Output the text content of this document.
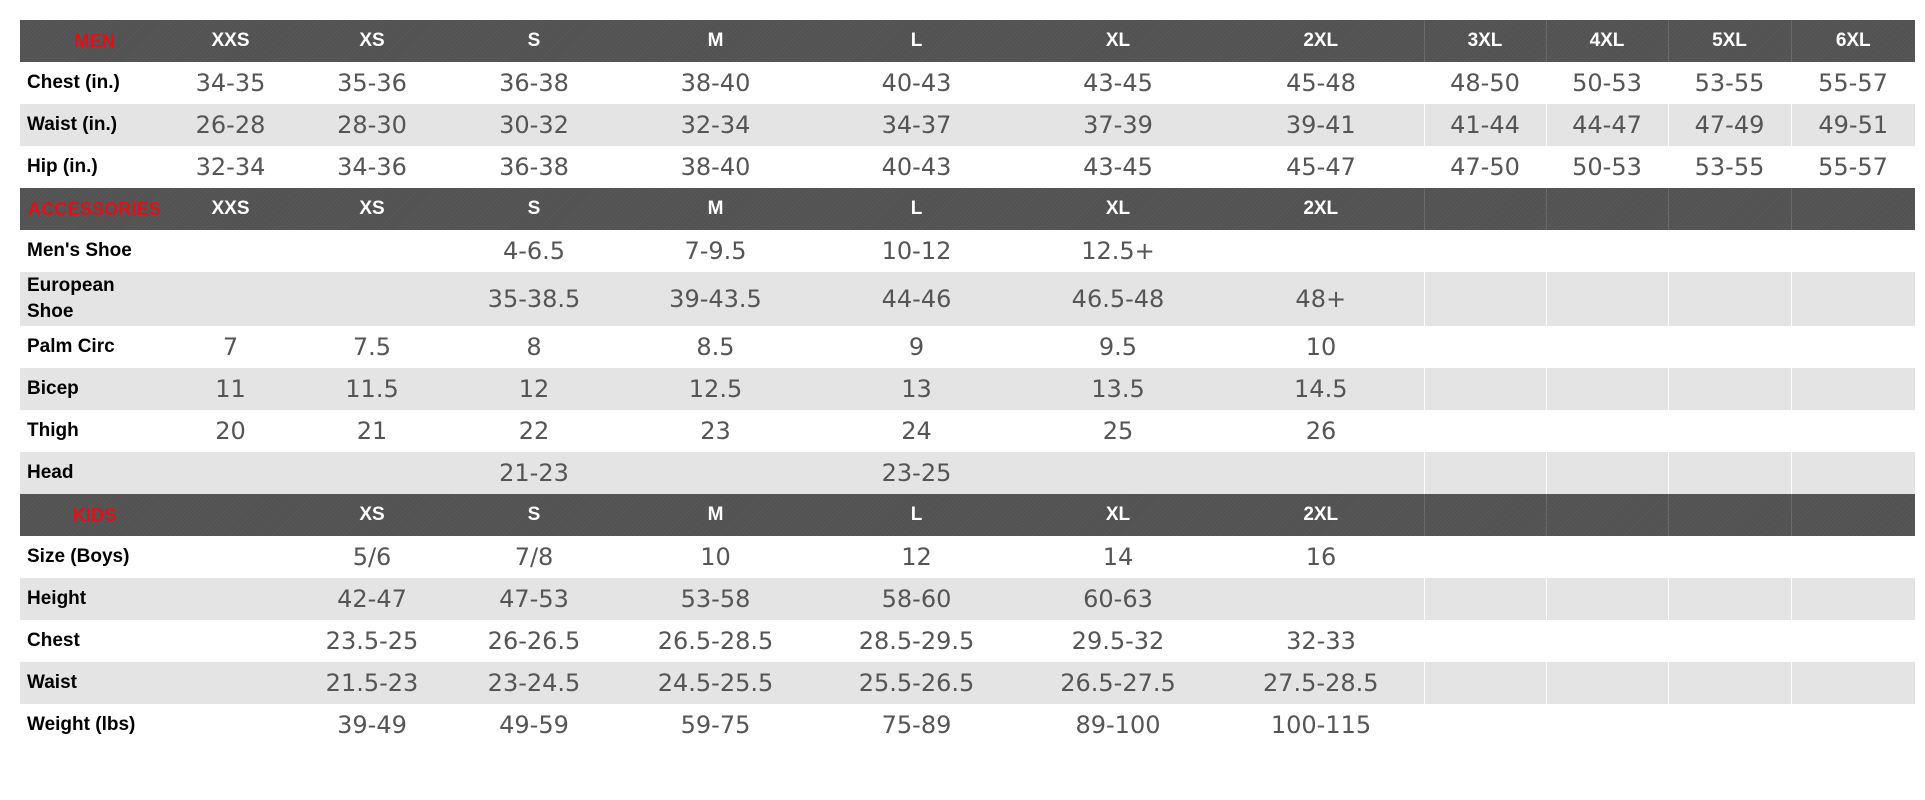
MEN	XXS	XS	S	M	L	XL	2XL	3XL	4XL	5XL	6XL
Chest (in.)	34-35	35-36	36-38	38-40	40-43	43-45	45-48	48-50	50-53	53-55	55-57
Waist (in.)	26-28	28-30	30-32	32-34	34-37	37-39	39-41	41-44	44-47	47-49	49-51
Hip (in.)	32-34	34-36	36-38	38-40	40-43	43-45	45-47	47-50	50-53	53-55	55-57
ACCESSORIES	XXS	XS	S	M	L	XL	2XL				
Men's Shoe			4-6.5	7-9.5	10-12	12.5+					
European Shoe			35-38.5	39-43.5	44-46	46.5-48	48+				
Palm Circ	7	7.5	8	8.5	9	9.5	10				
Bicep	11	11.5	12	12.5	13	13.5	14.5				
Thigh	20	21	22	23	24	25	26				
Head			21-23		23-25						
KIDS		XS	S	M	L	XL	2XL				
Size (Boys)		5/6	7/8	10	12	14	16				
Height		42-47	47-53	53-58	58-60	60-63					
Chest		23.5-25	26-26.5	26.5-28.5	28.5-29.5	29.5-32	32-33				
Waist		21.5-23	23-24.5	24.5-25.5	25.5-26.5	26.5-27.5	27.5-28.5				
Weight (lbs)		39-49	49-59	59-75	75-89	89-100	100-115				
